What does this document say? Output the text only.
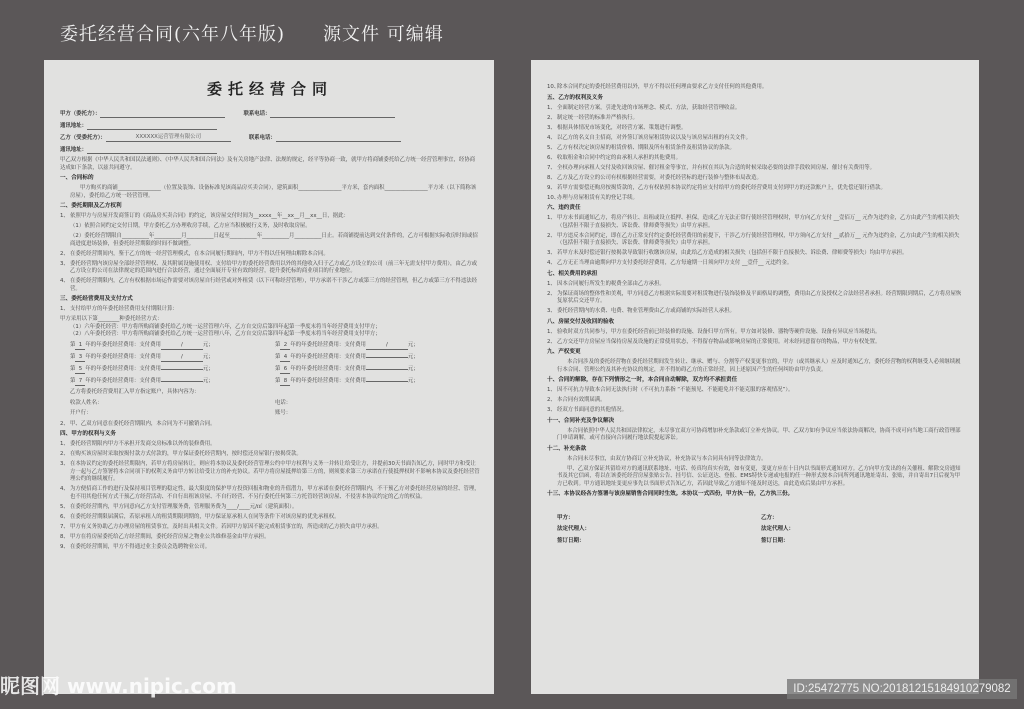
委托经营合同(六年八年版)　　源文件 可编辑
委托经营合同
甲方（委托方）：	联系电话：
通讯地址：
乙方（受委托方）：	XXXXXX运营管理有限公司	联系电话：
通讯地址：
甲乙双方根据《中华人民共和国民法通则》、《中华人民共和国合同法》及有关房地产法律、法规的规定，经平等协商一致，就甲方将商铺委托给乙方统一经营管理事宜，经协商达成如下条款，以兹共同遵守。
一、合同标的
甲方购买的商铺________________（位置及装饰、设备标准见该商品房买卖合同），建筑面积________________平方米，套内面积________________平方米（以下简称该房屋），委托给乙方统一经营管理。
二、委托期限及乙方权利
1、 依照甲方与房屋开发商签订的《商品房买卖合同》的约定，该房屋交付时间为__xxxx__年__xx__月__xx__日，据此：
（1）依照合同约定交付日期，甲方委托乙方办理收房手续，乙方应当积极履行义务，及时收取房屋。
（2）委托经营期限自__________年__________月__________日起至__________年__________月__________日止。若商铺提前达到交付条件的，乙方可根据实际收房时间或招商进度进场装修，但委托经营期限的时间不做调整。
2、 在委托经营期间内，鉴于乙方的统一经营管理模式，在本合同履行期间内，甲方不得以任何理由解除本合同。
3、 委托经营期内该房屋全部经营管理权、及其附属设施使用权、支付给甲方的委托经营费用以外的其他收入归于乙方或乙方设立的公司（前三年无需支付甲方费用），由乙方或乙方设立的公司在法律规定的范围内进行合法经营，通过全面展开专业有效的经营，提升委托标的商业项目的行业地位。
4、 在委托经营期限内，乙方有权根据市场运作需要对该房屋自行经营或对外租赁（以下可称经营管理），甲方承诺不干涉乙方或第三方的经营管理，但乙方或第三方不得违法经营。
三、委托经营费用及支付方式
1、 支付给甲方的年委托经营费用支付期限计算：
甲方采用以下第________种委托经营方式：
（1）六年委托经营：甲方将所购商铺委托给乙方统一运营管理六年，乙方自交房后第四年起第一季度末将当年经营费用支付甲方；
（2）八年委托经营：甲方将所购商铺委托给乙方统一运营管理八年，乙方自交房后第四年起第一季度末将当年经营费用支付甲方；
第 1 年的年委托经营费用：支付费用	/	元；	第 2 年的年委托经营费用：支付费用	/	元；
第 3 年的年委托经营费用：支付费用	/	元；	第 4 年的年委托经营费用：支付费用	元；
第 5 年的年委托经营费用：支付费用	元；	第 6 年的年委托经营费用：支付费用	元；
第 7 年的年委托经营费用：支付费用	元；	第 8 年的年委托经营费用：支付费用	元；
乙方将委托经营费用汇入甲方指定账户，具体内容为：
收款人姓名：	电话：
开户行：	账号：
2、 甲、乙双方同意在委托经营期限内，本合同为不可撤销合同。
四、甲方的权利与义务
1、 委托经营期限内甲方不承担开发商交房标准以外的装修费用。
2、 在购买该房屋时采取按揭付款方式付款的，甲方保证委托经营期内，按时偿还房屋银行按揭贷款。
3、 在本协议约定的委托经营期限内，若甲方将房屋转让，则应将本协议及委托经营管理公约中甲方权利与义务一并转让给受让方，并提前30天书面告知乙方，同时甲方和受让方一起与乙方签署将本合同项下的权利义务由甲方转让给受让方的补充协议。若甲方将房屋抵押给第三方的，则须要求第三方承诺在行使抵押权时不影响本协议及委托经营管理公约的继续履行。
4、 为方便招商工作的进行及保持项目管理的稳定性，最大限度的保护甲方投资回报和物业的升值潜力，甲方承诺在委托经营期限内，不干预乙方对委托经营房屋的经营、管理，也不用其他任何方式干预乙方经营活动、不自行出租该房屋、不自行经营、不另行委托任何第三方托管经营该房屋、不侵害本协议约定的乙方的权益。
5、 在委托经营期内，甲方同意向乙方支付管理服务费，管理服务费为____/____元/㎡（建筑面积）。
6、 在委托经营期限届满后，若原承租人的租赁期限到期的，甲方保证原承租人在同等条件下对该房屋的优先承租权。
7、 甲方有义务协助乙方办理房屋的租赁事宜，及时出具相关文件。若因甲方原因不能完成租赁事宜的，所造成的乙方损失由甲方承担。
8、 甲方在将房屋委托给乙方经营期间，委托经营房屋之物业公共维修基金由甲方承担。
9、 在委托经营期间，甲方不得通过业主委员会选聘物业公司。
10、
除本合同约定的委托经营费用以外，甲方不得以任何理由要求乙方支付任何的其他费用。
五、乙方的权利及义务
1、 全面制定经营方案，引进先进的市场理念、模式、方法，获取经营管理收益。
2、 制定统一经营的标准并严格执行。
3、 根据具体情况市场变化，对经营方案、策划进行调整。
4、 以乙方的名义自主招商，对外签订该房屋租赁协议以及与该房屋出租的有关文件。
5、 乙方有权决定该房屋的租赁价格、期限及所有租赁条件及租赁协议的条款。
6、 收取租金和合同中约定的由承租人承担的其他费用。
7、 全权办理向承租人交付及收回该房屋、催讨租金等事宜，并有权在其认为合适的时候采取必要的法律手段收回房屋、催讨有关费用等。
8、 乙方及乙方设立的公司有权根据经营需要，对委托经营标的进行装修与整体布局改造。
9、 若甲方需要偿还购房按揭贷款的，乙方有权依照本协议约定将应支付给甲方的委托经营费用支付到甲方的还款账户上，优先偿还银行借款。
10、
办理与房屋租赁有关的登记手续。
六、违约责任
1、 甲方未书面通知乙方，将房产转让、出租或设立抵押、担保，造成乙方无法正常行使经营管理权时，甲方向乙方支付 __壹佰万__ 元作为违约金，乙方由此产生的相关损失（包括但不限于直接损失、诉讼费、律师费等损失）由甲方承担。
2、 甲方违反本合同约定，即在乙方正常支付约定委托经营费用的前提下，干涉乙方行使经营管理权，甲方须向乙方支付 __贰拾万__ 元作为违约金，乙方由此产生的相关损失（包括但不限于直接损失、诉讼费、律师费等损失）由甲方承担。
3、 若甲方未及时偿还银行按揭款导致银行收缴该房屋，由此给乙方造成的相关损失（包括但不限于直接损失、诉讼费、律师费等损失）均由甲方承担。
4、 乙方无正当理由逾期向甲方支付委托经营费用，乙方每逾期一日须向甲方支付 __壹仟__ 元违约金。
七、相关费用的承担
1、 因本合同履行所发生的税费全部由乙方承担。
2、 为保证商场的整体性和美观，甲方同意乙方根据实际需要对租赁物进行装饰装修及平面格局的调整，费用由乙方及授权之合法经营者承担。经营期限到期后，乙方将房屋恢复原状后交还甲方。
3、 委托经营期内的水费、电费、物业管理费由乙方或商铺的实际经营人承担。
八、房屋交付及收回的验收
1、 验收时双方共同参与，甲方在委托经营前已经装修的设施、设备归甲方所有。甲方如对装修、器物等硬件设施、设备有异议应当场提出。
2、 乙方交还甲方房屋应当保持房屋及设施的正常使用状态，不得留存物品或影响房屋的正常使用。对未经同意留存的物品，甲方有权处置。
九、产权变更
本合同涉及的委托经营物在委托经营期间发生转让、继承、赠与、分割等产权变更事宜的，甲方（或其继承人）应及时通知乙方，委托经营物的权利继受人必须继续履行本合同、管理公约及其补充协议的规定，并不得妨碍乙方的正常经营，因上述原因产生的任何纠纷由甲方负责。
十、合同的解除，存在下列情形之一时，本合同自动解除，双方均不承担责任
1、 因不可抗力导致本合同无法执行时（不可抗力系指 “不能预见、不能避免并不能克服的客观情况”）。
2、 本合同有效期届满。
3、 经双方书面同意的其他情况。
十一、合同补充及争议解决
本合同依照中华人民共和国法律拟定，未尽事宜双方可协商增加补充条款或订立补充协议。甲、乙双方如有争议应当依法协商解决，协商不成可向当地工商行政管理部门申请调解，或可直接向合同履行地法院提起诉讼。
十二、补充条款
本合同未尽事宜，由双方协商订立补充协议，补充协议与本合同具有同等法律效力。
甲、乙双方保证其留给对方的通讯联系地址、电话、传真均真实有效，如有变更，变更方应在十日内以书面形式通知对方。乙方向甲方发出的有关催租、解除交房通知书及其它信函，将以在该委托经营房屋张贴公告、挂号信、公证送达、登报、EMS特快专递或电报的任一种形式按本合同所列通讯地址寄出、张贴，并自寄出7日后视为甲方已收到。甲方通讯地址变更应事先以书面形式告知乙方，若因此导致乙方通知不能及时送达，由此造成后果由甲方承担。
十三、本协议经各方签署与该房屋销售合同同时生效。本协议一式四份，甲方执一份，乙方执三份。
甲方：	乙方：
法定代理人：	法定代理人：
签订日期：	签订日期：
昵图网 www.nipic.com	ID:25472775 NO:20181215184910279082
